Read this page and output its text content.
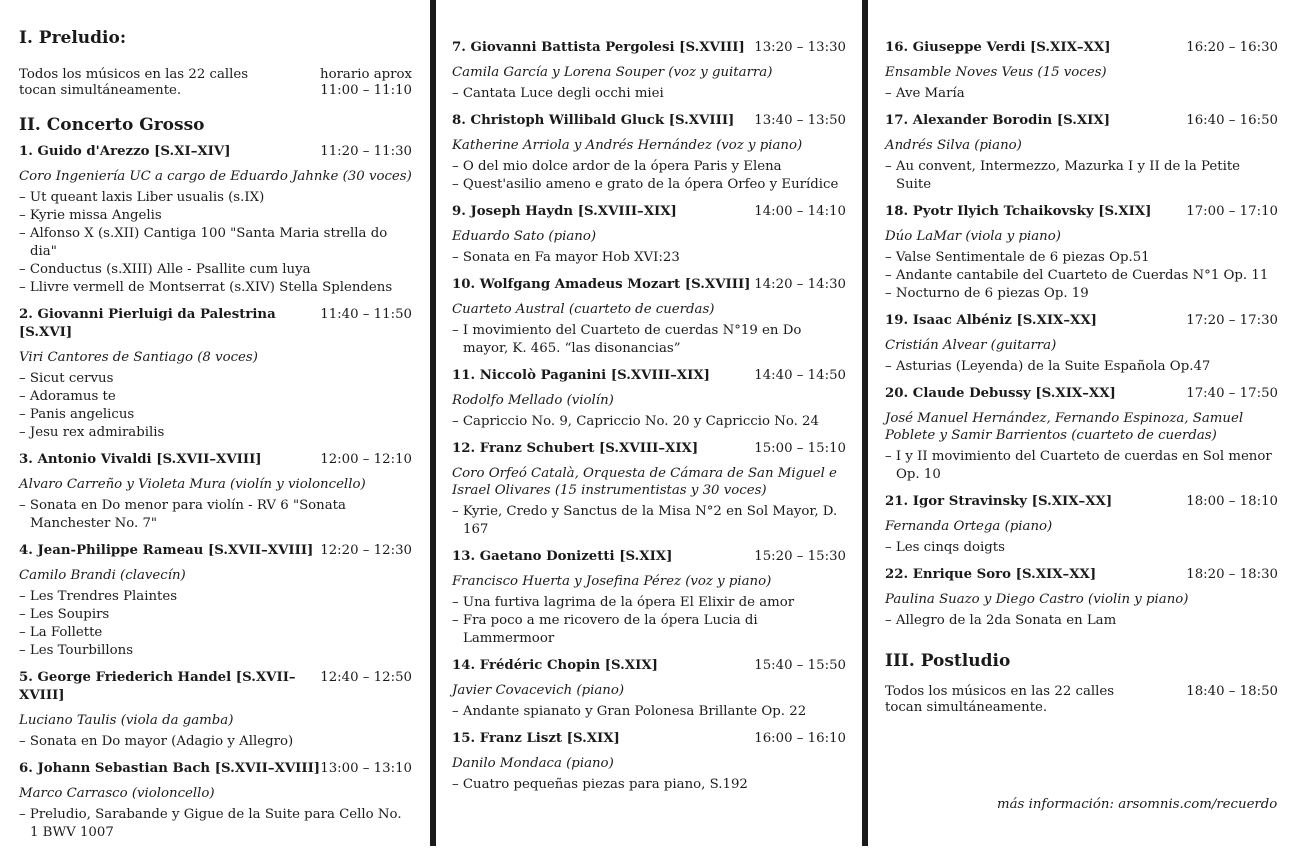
I. Preludio:
Todos los músicos en las 22 calles
tocan simultáneamente.
horario aprox
11:00 – 11:10
II. Concerto Grosso
1. Guido d'Arezzo [S.XI–XIV]	11:20 – 11:30
Coro Ingeniería UC a cargo de Eduardo Jahnke (30 voces)
– Ut queant laxis Liber usualis (s.IX)
– Kyrie missa Angelis
– Alfonso X (s.XII) Cantiga 100 "Santa Maria strella do dia"
– Conductus (s.XIII) Alle - Psallite cum luya
– Llivre vermell de Montserrat (s.XIV) Stella Splendens
2. Giovanni Pierluigi da Palestrina [S.XVI]
11:40 – 11:50
Viri Cantores de Santiago (8 voces)
– Sicut cervus
– Adoramus te
– Panis angelicus
– Jesu rex admirabilis
3. Antonio Vivaldi [S.XVII–XVIII]	12:00 – 12:10
Alvaro Carreño y Violeta Mura (violín y violoncello)
– Sonata en Do menor para violín - RV 6 "Sonata Manchester No. 7"
4. Jean-Philippe Rameau [S.XVII–XVIII] 12:20 – 12:30
Camilo Brandi (clavecín)
– Les Trendres Plaintes
– Les Soupirs
– La Follette
– Les Tourbillons
5. George Friederich Handel [S.XVII–XVIII]
12:40 – 12:50
Luciano Taulis (viola da gamba)
– Sonata en Do mayor (Adagio y Allegro)
6. Johann Sebastian Bach [S.XVII–XVIII] 13:00 – 13:10
Marco Carrasco (violoncello)
– Preludio, Sarabande y Gigue de la Suite para Cello No. 1 BWV 1007
7. Giovanni Battista Pergolesi [S.XVIII] 13:20 – 13:30
Camila García y Lorena Souper (voz y guitarra)
– Cantata Luce degli occhi miei
8. Christoph Willibald Gluck [S.XVIII]	13:40 – 13:50
Katherine Arriola y Andrés Hernández (voz y piano)
– O del mio dolce ardor de la ópera Paris y Elena
– Quest'asilio ameno e grato de la ópera Orfeo y Eurídice
9. Joseph Haydn [S.XVIII–XIX]	14:00 – 14:10
Eduardo Sato (piano)
– Sonata en Fa mayor Hob XVI:23
10. Wolfgang Amadeus Mozart [S.XVIII] 14:20 – 14:30
Cuarteto Austral (cuarteto de cuerdas)
– I movimiento del Cuarteto de cuerdas N°19 en Do mayor, K. 465. “las disonancias”
11. Niccolò Paganini [S.XVIII–XIX]	14:40 – 14:50
Rodolfo Mellado (violín)
– Capriccio No. 9, Capriccio No. 20 y Capriccio No. 24
12. Franz Schubert [S.XVIII–XIX]	15:00 – 15:10
Coro Orfeó Català, Orquesta de Cámara de San Miguel e Israel Olivares (15 instrumentistas y 30 voces)
– Kyrie, Credo y Sanctus de la Misa N°2 en Sol Mayor, D. 167
13. Gaetano Donizetti [S.XIX]	15:20 – 15:30
Francisco Huerta y Josefina Pérez (voz y piano)
– Una furtiva lagrima de la ópera El Elixir de amor
– Fra poco a me ricovero de la ópera Lucia di Lammermoor
14. Frédéric Chopin [S.XIX]	15:40 – 15:50
Javier Covacevich (piano)
– Andante spianato y Gran Polonesa Brillante Op. 22
15. Franz Liszt [S.XIX]	16:00 – 16:10
Danilo Mondaca (piano)
– Cuatro pequeñas piezas para piano, S.192
16. Giuseppe Verdi [S.XIX–XX]	16:20 – 16:30
Ensamble Noves Veus (15 voces)
– Ave María
17. Alexander Borodin [S.XIX]	16:40 – 16:50
Andrés Silva (piano)
– Au convent, Intermezzo, Mazurka I y II de la Petite Suite
18. Pyotr Ilyich Tchaikovsky [S.XIX]	17:00 – 17:10
Dúo LaMar (viola y piano)
– Valse Sentimentale de 6 piezas Op.51
– Andante cantabile del Cuarteto de Cuerdas N°1 Op. 11
– Nocturno de 6 piezas Op. 19
19. Isaac Albéniz [S.XIX–XX]	17:20 – 17:30
Cristián Alvear (guitarra)
– Asturias (Leyenda) de la Suite Española Op.47
20. Claude Debussy [S.XIX–XX]	17:40 – 17:50
José Manuel Hernández, Fernando Espinoza, Samuel Poblete y Samir Barrientos (cuarteto de cuerdas)
– I y II movimiento del Cuarteto de cuerdas en Sol menor Op. 10
21. Igor Stravinsky [S.XIX–XX]	18:00 – 18:10
Fernanda Ortega (piano)
– Les cinqs doigts
22. Enrique Soro [S.XIX–XX]	18:20 – 18:30
Paulina Suazo y Diego Castro (violin y piano)
– Allegro de la 2da Sonata en Lam
III. Postludio
Todos los músicos en las 22 calles
tocan simultáneamente.
18:40 – 18:50
más información: arsomnis.com/recuerdo
